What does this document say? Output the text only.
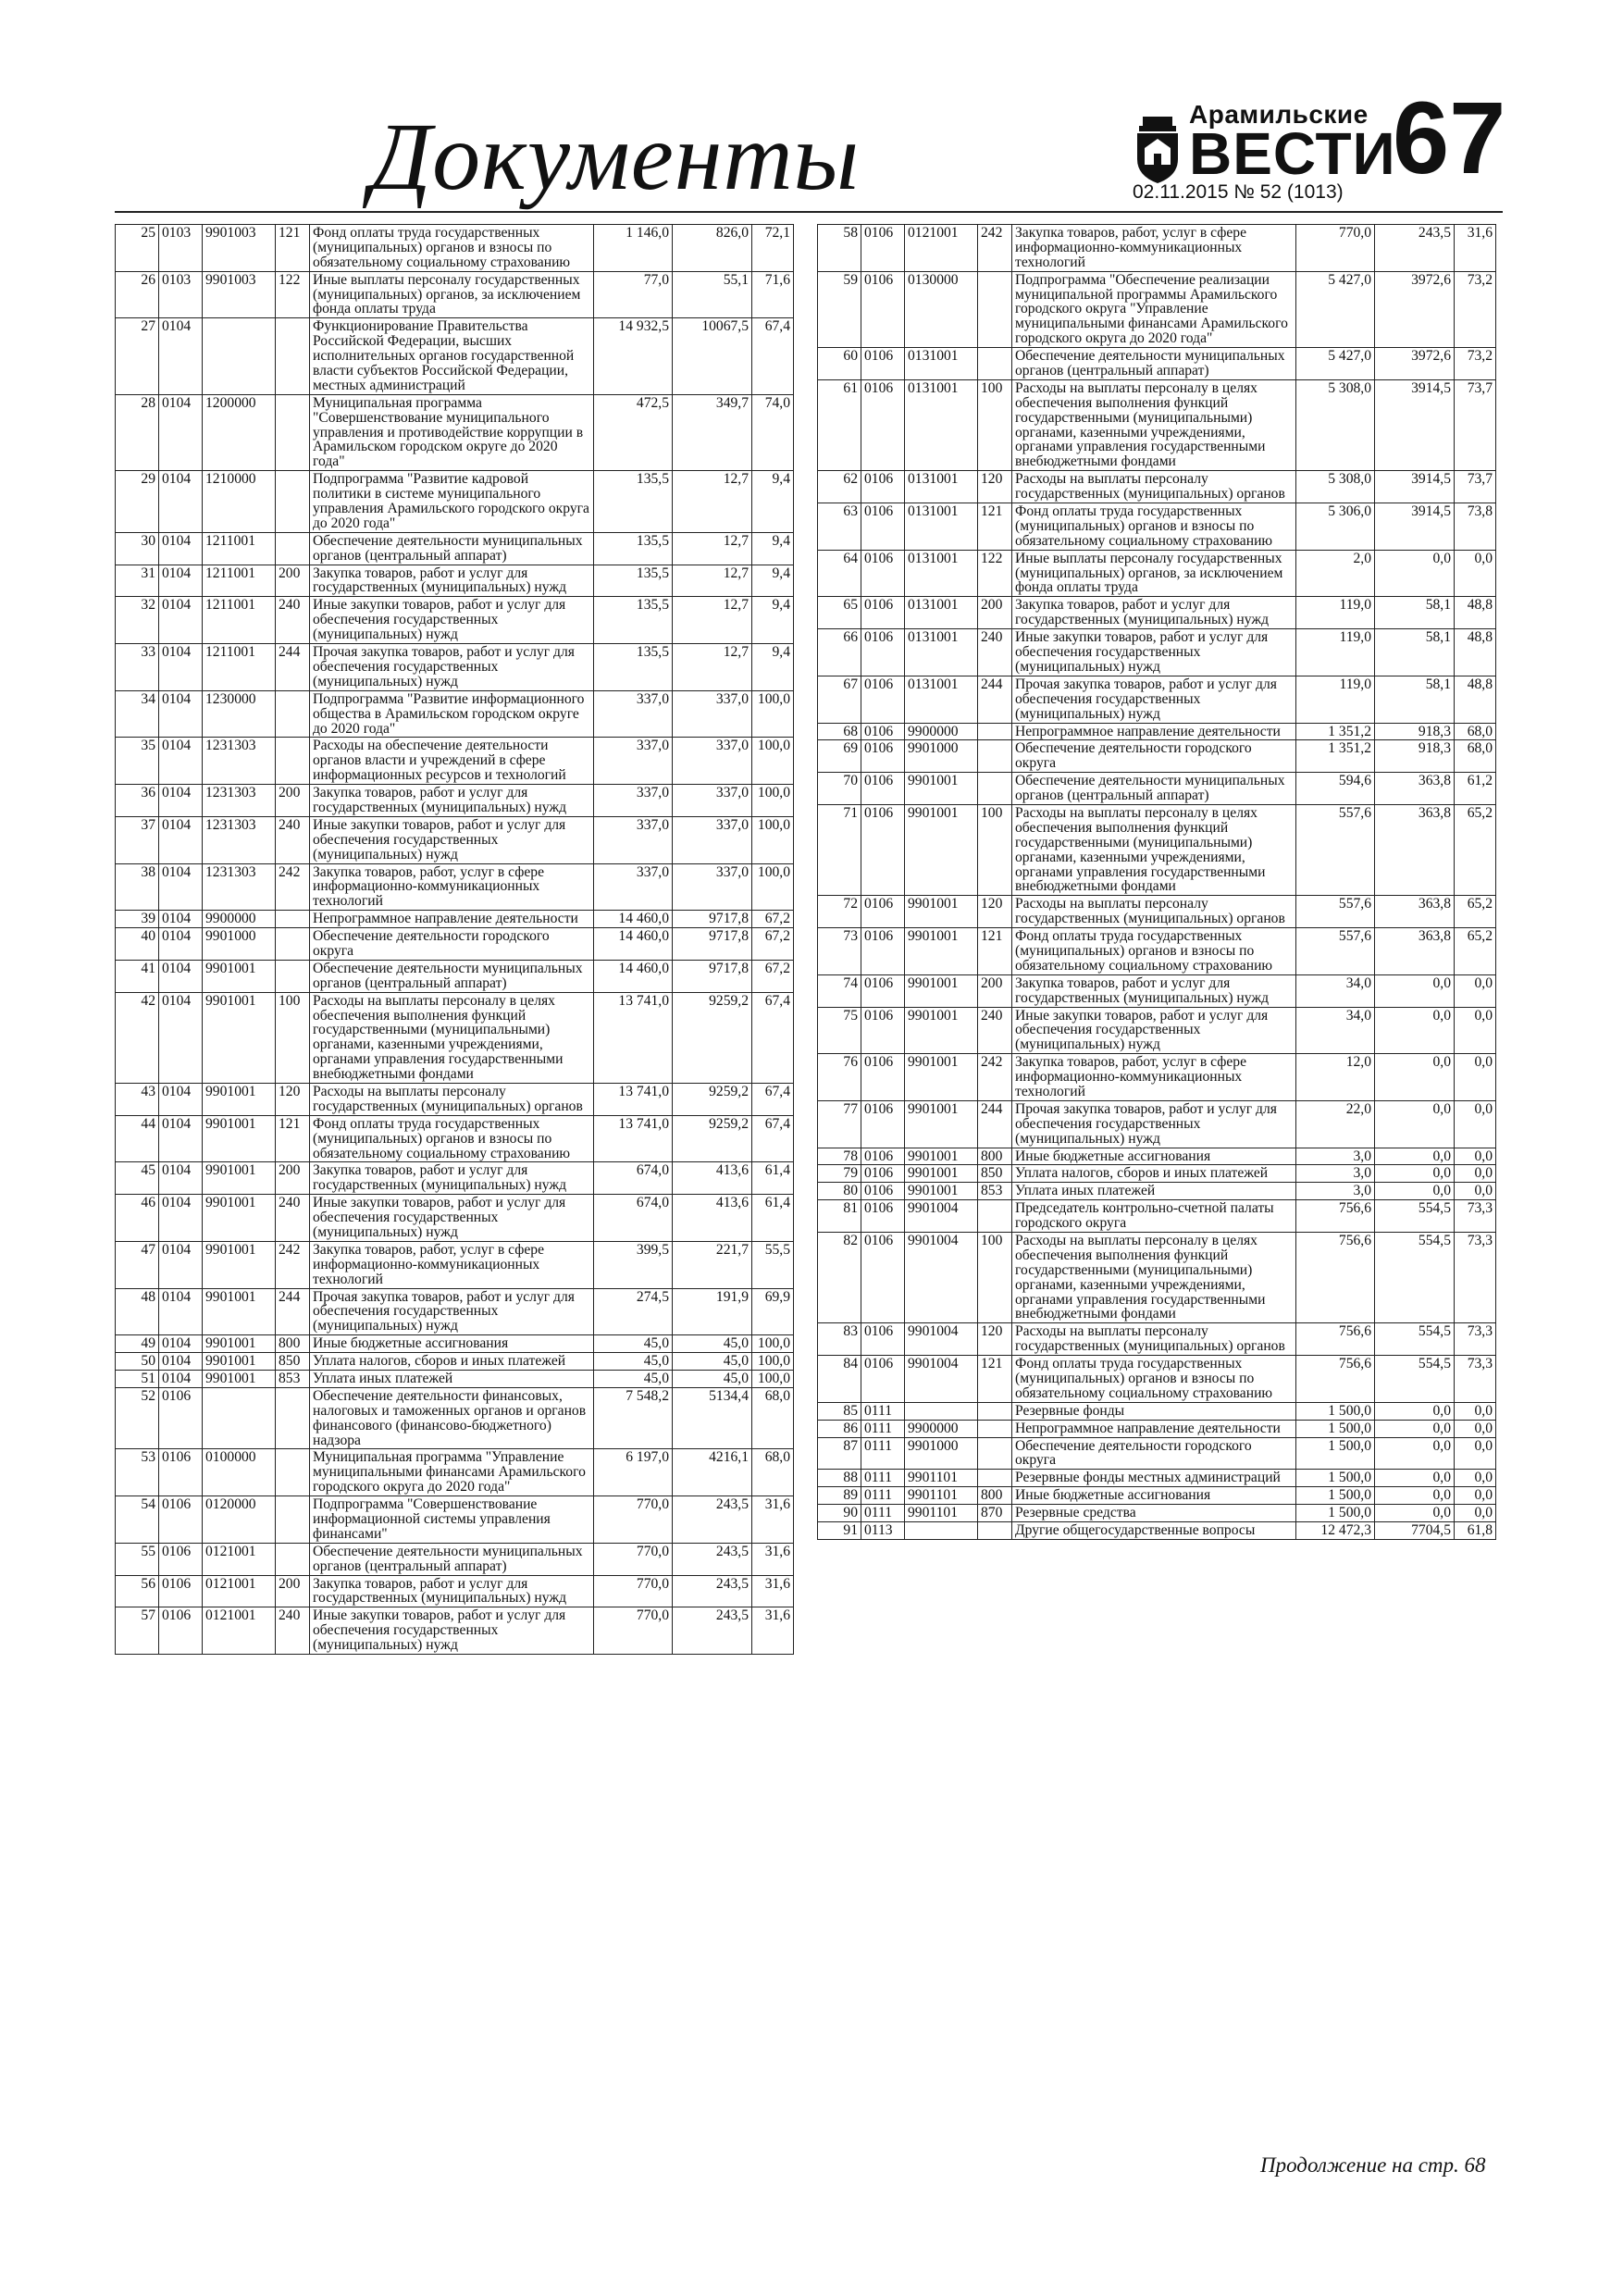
Документы	Арамильские
ВЕСТИ
67
02.11.2015 № 52 (1013)
25	0103	9901003	121	Фонд оплаты труда государственных (муниципальных) органов и взносы по обязательному социальному страхованию	1 146,0	826,0	72,1
26	0103	9901003	122	Иные выплаты персоналу государственных (муниципальных) органов, за исключением фонда оплаты труда	77,0	55,1	71,6
27	0104			Функционирование Правительства Российской Федерации, высших исполнительных органов государственной власти субъектов Российской Федерации, местных администраций	14 932,5	10067,5	67,4
28	0104	1200000		Муниципальная программа "Совершенствование муниципального управления и противодействие коррупции в Арамильском городском округе до 2020 года"	472,5	349,7	74,0
29	0104	1210000		Подпрограмма "Развитие кадровой политики в системе муниципального управления Арамильского городского округа до 2020 года"	135,5	12,7	9,4
30	0104	1211001		Обеспечение деятельности муниципальных органов (центральный аппарат)	135,5	12,7	9,4
31	0104	1211001	200	Закупка товаров, работ и услуг для государственных (муниципальных) нужд	135,5	12,7	9,4
32	0104	1211001	240	Иные закупки товаров, работ и услуг для обеспечения государственных (муниципальных) нужд	135,5	12,7	9,4
33	0104	1211001	244	Прочая закупка товаров, работ и услуг для обеспечения государственных (муниципальных) нужд	135,5	12,7	9,4
34	0104	1230000		Подпрограмма "Развитие информационного общества в Арамильском городском округе до 2020 года"	337,0	337,0	100,0
35	0104	1231303		Расходы на обеспечение деятельности органов власти и учреждений в сфере информационных ресурсов и технологий	337,0	337,0	100,0
36	0104	1231303	200	Закупка товаров, работ и услуг для государственных (муниципальных) нужд	337,0	337,0	100,0
37	0104	1231303	240	Иные закупки товаров, работ и услуг для обеспечения государственных (муниципальных) нужд	337,0	337,0	100,0
38	0104	1231303	242	Закупка товаров, работ, услуг в сфере информационно-коммуникационных технологий	337,0	337,0	100,0
39	0104	9900000		Непрограммное направление деятельности	14 460,0	9717,8	67,2
40	0104	9901000		Обеспечение деятельности городского округа	14 460,0	9717,8	67,2
41	0104	9901001		Обеспечение деятельности муниципальных органов (центральный аппарат)	14 460,0	9717,8	67,2
42	0104	9901001	100	Расходы на выплаты персоналу в целях обеспечения выполнения функций государственными (муниципальными) органами, казенными учреждениями, органами управления государственными внебюджетными фондами	13 741,0	9259,2	67,4
43	0104	9901001	120	Расходы на выплаты персоналу государственных (муниципальных) органов	13 741,0	9259,2	67,4
44	0104	9901001	121	Фонд оплаты труда государственных (муниципальных) органов и взносы по обязательному социальному страхованию	13 741,0	9259,2	67,4
45	0104	9901001	200	Закупка товаров, работ и услуг для государственных (муниципальных) нужд	674,0	413,6	61,4
46	0104	9901001	240	Иные закупки товаров, работ и услуг для обеспечения государственных (муниципальных) нужд	674,0	413,6	61,4
47	0104	9901001	242	Закупка товаров, работ, услуг в сфере информационно-коммуникационных технологий	399,5	221,7	55,5
48	0104	9901001	244	Прочая закупка товаров, работ и услуг для обеспечения государственных (муниципальных) нужд	274,5	191,9	69,9
49	0104	9901001	800	Иные бюджетные ассигнования	45,0	45,0	100,0
50	0104	9901001	850	Уплата налогов, сборов и иных платежей	45,0	45,0	100,0
51	0104	9901001	853	Уплата иных платежей	45,0	45,0	100,0
52	0106			Обеспечение деятельности финансовых, налоговых и таможенных органов и органов финансового (финансово-бюджетного) надзора	7 548,2	5134,4	68,0
53	0106	0100000		Муниципальная программа "Управление муниципальными финансами Арамильского городского округа до 2020 года"	6 197,0	4216,1	68,0
54	0106	0120000		Подпрограмма "Совершенствование информационной системы управления финансами"	770,0	243,5	31,6
55	0106	0121001		Обеспечение деятельности муниципальных органов (центральный аппарат)	770,0	243,5	31,6
56	0106	0121001	200	Закупка товаров, работ и услуг для государственных (муниципальных) нужд	770,0	243,5	31,6
57	0106	0121001	240	Иные закупки товаров, работ и услуг для обеспечения государственных (муниципальных) нужд	770,0	243,5	31,6
58	0106	0121001	242	Закупка товаров, работ, услуг в сфере информационно-коммуникационных технологий	770,0	243,5	31,6
59	0106	0130000		Подпрограмма "Обеспечение реализации муниципальной программы Арамильского городского округа "Управление муниципальными финансами Арамильского городского округа до 2020 года"	5 427,0	3972,6	73,2
60	0106	0131001		Обеспечение деятельности муниципальных органов (центральный аппарат)	5 427,0	3972,6	73,2
61	0106	0131001	100	Расходы на выплаты персоналу в целях обеспечения выполнения функций государственными (муниципальными) органами, казенными учреждениями, органами управления государственными внебюджетными фондами	5 308,0	3914,5	73,7
62	0106	0131001	120	Расходы на выплаты персоналу государственных (муниципальных) органов	5 308,0	3914,5	73,7
63	0106	0131001	121	Фонд оплаты труда государственных (муниципальных) органов и взносы по обязательному социальному страхованию	5 306,0	3914,5	73,8
64	0106	0131001	122	Иные выплаты персоналу государственных (муниципальных) органов, за исключением фонда оплаты труда	2,0	0,0	0,0
65	0106	0131001	200	Закупка товаров, работ и услуг для государственных (муниципальных) нужд	119,0	58,1	48,8
66	0106	0131001	240	Иные закупки товаров, работ и услуг для обеспечения государственных (муниципальных) нужд	119,0	58,1	48,8
67	0106	0131001	244	Прочая закупка товаров, работ и услуг для обеспечения государственных (муниципальных) нужд	119,0	58,1	48,8
68	0106	9900000		Непрограммное направление деятельности	1 351,2	918,3	68,0
69	0106	9901000		Обеспечение деятельности городского округа	1 351,2	918,3	68,0
70	0106	9901001		Обеспечение деятельности муниципальных органов (центральный аппарат)	594,6	363,8	61,2
71	0106	9901001	100	Расходы на выплаты персоналу в целях обеспечения выполнения функций государственными (муниципальными) органами, казенными учреждениями, органами управления государственными внебюджетными фондами	557,6	363,8	65,2
72	0106	9901001	120	Расходы на выплаты персоналу государственных (муниципальных) органов	557,6	363,8	65,2
73	0106	9901001	121	Фонд оплаты труда государственных (муниципальных) органов и взносы по обязательному социальному страхованию	557,6	363,8	65,2
74	0106	9901001	200	Закупка товаров, работ и услуг для государственных (муниципальных) нужд	34,0	0,0	0,0
75	0106	9901001	240	Иные закупки товаров, работ и услуг для обеспечения государственных (муниципальных) нужд	34,0	0,0	0,0
76	0106	9901001	242	Закупка товаров, работ, услуг в сфере информационно-коммуникационных технологий	12,0	0,0	0,0
77	0106	9901001	244	Прочая закупка товаров, работ и услуг для обеспечения государственных (муниципальных) нужд	22,0	0,0	0,0
78	0106	9901001	800	Иные бюджетные ассигнования	3,0	0,0	0,0
79	0106	9901001	850	Уплата налогов, сборов и иных платежей	3,0	0,0	0,0
80	0106	9901001	853	Уплата иных платежей	3,0	0,0	0,0
81	0106	9901004		Председатель контрольно-счетной палаты городского округа	756,6	554,5	73,3
82	0106	9901004	100	Расходы на выплаты персоналу в целях обеспечения выполнения функций государственными (муниципальными) органами, казенными учреждениями, органами управления государственными внебюджетными фондами	756,6	554,5	73,3
83	0106	9901004	120	Расходы на выплаты персоналу государственных (муниципальных) органов	756,6	554,5	73,3
84	0106	9901004	121	Фонд оплаты труда государственных (муниципальных) органов и взносы по обязательному социальному страхованию	756,6	554,5	73,3
85	0111			Резервные фонды	1 500,0	0,0	0,0
86	0111	9900000		Непрограммное направление деятельности	1 500,0	0,0	0,0
87	0111	9901000		Обеспечение деятельности городского округа	1 500,0	0,0	0,0
88	0111	9901101		Резервные фонды местных администраций	1 500,0	0,0	0,0
89	0111	9901101	800	Иные бюджетные ассигнования	1 500,0	0,0	0,0
90	0111	9901101	870	Резервные средства	1 500,0	0,0	0,0
91	0113			Другие общегосударственные вопросы	12 472,3	7704,5	61,8
Продолжение на стр. 68
